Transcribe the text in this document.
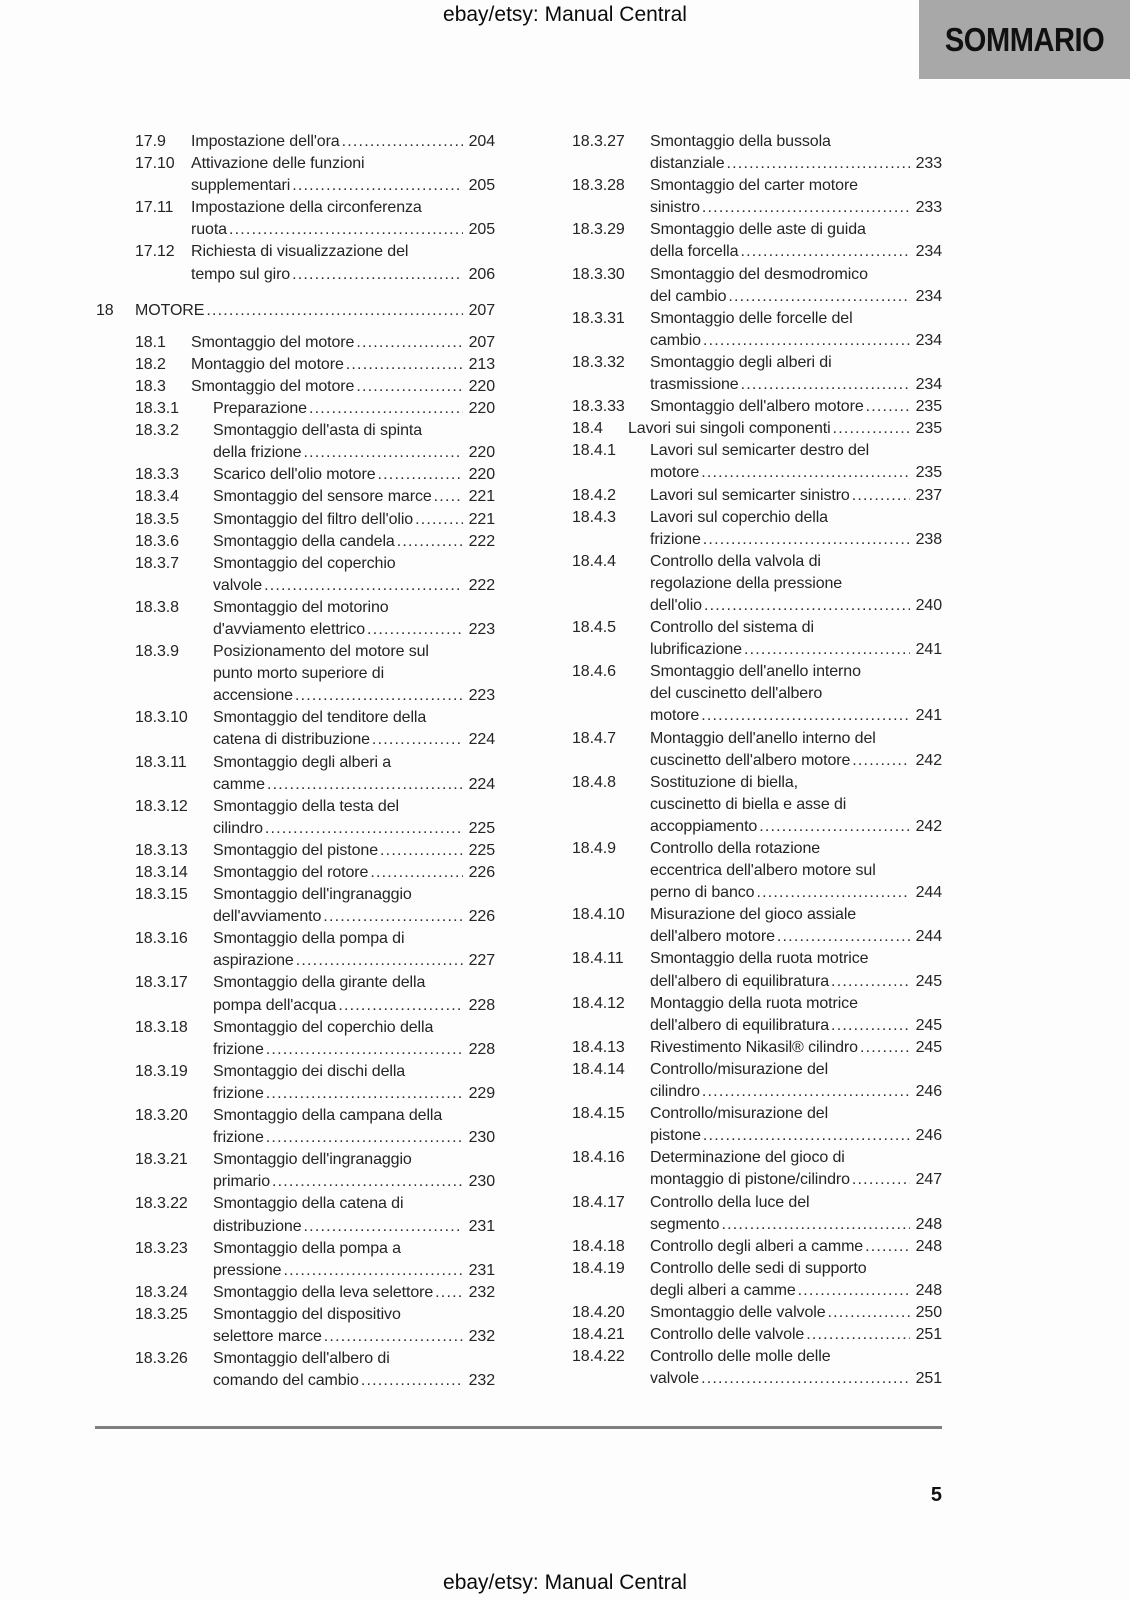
ebay/etsy: Manual Central
SOMMARIO
17.9	Impostazione dell'ora .....	204
17.10	Attivazione delle funzioni
supplementari .....	205
17.11	Impostazione della circonferenza
ruota .....	205
17.12	Richiesta di visualizzazione del
tempo sul giro .....	206
18	MOTORE .....	207
18.1	Smontaggio del motore .....	207
18.2	Montaggio del motore .....	213
18.3	Smontaggio del motore .....	220
18.3.1	Preparazione .....	220
18.3.2	Smontaggio dell'asta di spinta
della frizione .....	220
18.3.3	Scarico dell'olio motore .....	220
18.3.4	Smontaggio del sensore marce .....	221
18.3.5	Smontaggio del filtro dell'olio .....	221
18.3.6	Smontaggio della candela .....	222
18.3.7	Smontaggio del coperchio
valvole .....	222
18.3.8	Smontaggio del motorino
d'avviamento elettrico .....	223
18.3.9	Posizionamento del motore sul
punto morto superiore di
accensione .....	223
18.3.10	Smontaggio del tenditore della
catena di distribuzione .....	224
18.3.11	Smontaggio degli alberi a
camme .....	224
18.3.12	Smontaggio della testa del
cilindro .....	225
18.3.13	Smontaggio del pistone .....	225
18.3.14	Smontaggio del rotore .....	226
18.3.15	Smontaggio dell'ingranaggio
dell'avviamento .....	226
18.3.16	Smontaggio della pompa di
aspirazione .....	227
18.3.17	Smontaggio della girante della
pompa dell'acqua .....	228
18.3.18	Smontaggio del coperchio della
frizione .....	228
18.3.19	Smontaggio dei dischi della
frizione .....	229
18.3.20	Smontaggio della campana della
frizione .....	230
18.3.21	Smontaggio dell'ingranaggio
primario .....	230
18.3.22	Smontaggio della catena di
distribuzione .....	231
18.3.23	Smontaggio della pompa a
pressione .....	231
18.3.24	Smontaggio della leva selettore .....	232
18.3.25	Smontaggio del dispositivo
selettore marce .....	232
18.3.26	Smontaggio dell'albero di
comando del cambio .....	232
18.3.27	Smontaggio della bussola
distanziale .....	233
18.3.28	Smontaggio del carter motore
sinistro .....	233
18.3.29	Smontaggio delle aste di guida
della forcella .....	234
18.3.30	Smontaggio del desmodromico
del cambio .....	234
18.3.31	Smontaggio delle forcelle del
cambio .....	234
18.3.32	Smontaggio degli alberi di
trasmissione .....	234
18.3.33	Smontaggio dell'albero motore .....	235
18.4	Lavori sui singoli componenti .....	235
18.4.1	Lavori sul semicarter destro del
motore .....	235
18.4.2	Lavori sul semicarter sinistro .....	237
18.4.3	Lavori sul coperchio della
frizione .....	238
18.4.4	Controllo della valvola di
regolazione della pressione
dell'olio .....	240
18.4.5	Controllo del sistema di
lubrificazione .....	241
18.4.6	Smontaggio dell'anello interno
del cuscinetto dell'albero
motore .....	241
18.4.7	Montaggio dell'anello interno del
cuscinetto dell'albero motore .....	242
18.4.8	Sostituzione di biella,
cuscinetto di biella e asse di
accoppiamento .....	242
18.4.9	Controllo della rotazione
eccentrica dell'albero motore sul
perno di banco .....	244
18.4.10	Misurazione del gioco assiale
dell'albero motore .....	244
18.4.11	Smontaggio della ruota motrice
dell'albero di equilibratura .....	245
18.4.12	Montaggio della ruota motrice
dell'albero di equilibratura .....	245
18.4.13	Rivestimento Nikasil® cilindro .....	245
18.4.14	Controllo/misurazione del
cilindro .....	246
18.4.15	Controllo/misurazione del
pistone .....	246
18.4.16	Determinazione del gioco di
montaggio di pistone/cilindro .....	247
18.4.17	Controllo della luce del
segmento .....	248
18.4.18	Controllo degli alberi a camme .....	248
18.4.19	Controllo delle sedi di supporto
degli alberi a camme .....	248
18.4.20	Smontaggio delle valvole .....	250
18.4.21	Controllo delle valvole .....	251
18.4.22	Controllo delle molle delle
valvole .....	251
5
ebay/etsy: Manual Central
